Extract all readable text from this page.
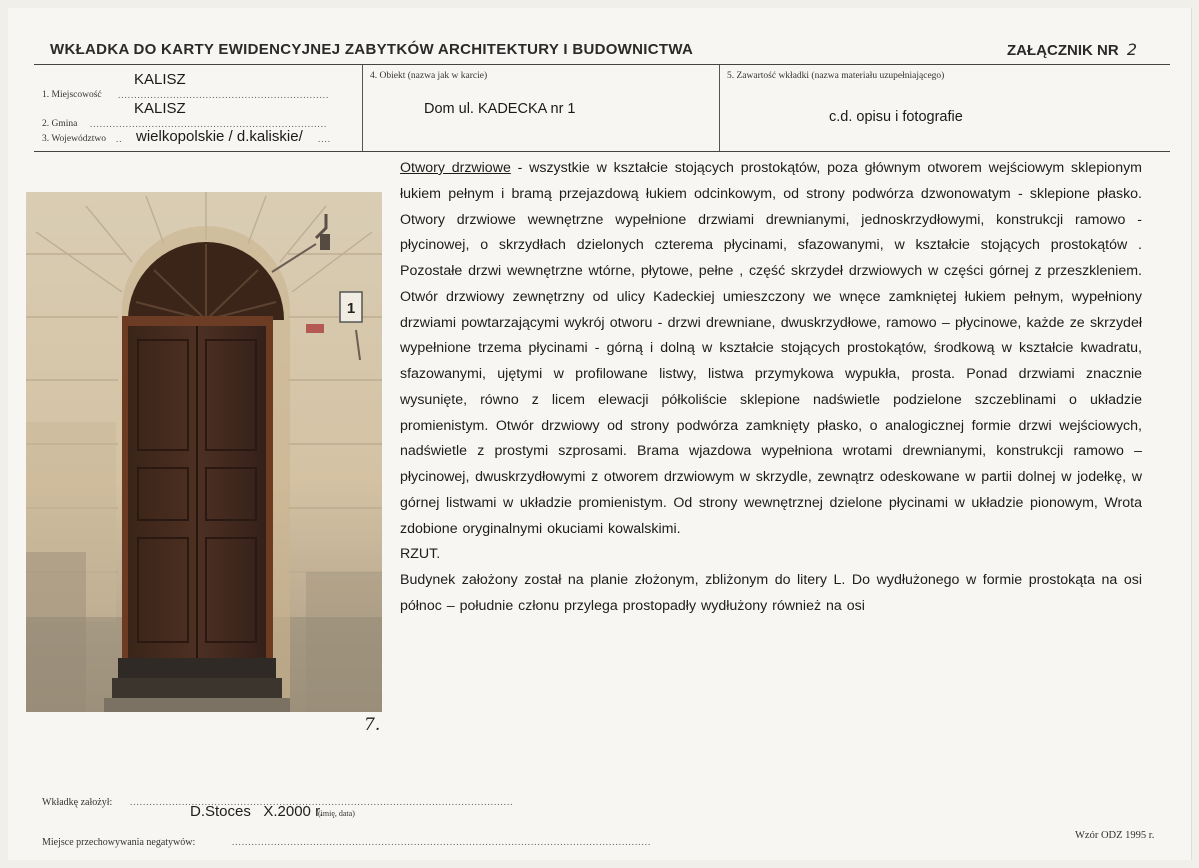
WKŁADKA DO KARTY EWIDENCYJNEJ ZABYTKÓW ARCHITEKTURY I BUDOWNICTWA	ZAŁĄCZNIK NR 2
KALISZ
1. Miejscowość .................................................................
KALISZ
2. Gmina .........................................................................
3. Województwo .. wielkopolskie / d.kaliskie/ ....
4. Obiekt (nazwa jak w karcie)
Dom ul. KADECKA nr 1
5. Zawartość wkładki (nazwa materiału uzupełniającego)
c.d. opisu i fotografie
1
7.

Otwory drzwiowe - wszystkie w kształcie stojących prostokątów, poza głównym otworem wejściowym sklepionym łukiem pełnym i bramą przejazdową łukiem odcinkowym, od strony podwórza dzwonowatym - sklepione płasko. Otwory drzwiowe wewnętrzne wypełnione drzwiami drewnianymi, jednoskrzydłowymi, konstrukcji ramowo - płycinowej, o skrzydłach dzielonych czterema płycinami, sfazowanymi, w kształcie stojących prostokątów . Pozostałe drzwi wewnętrzne wtórne, płytowe, pełne , część skrzydeł drzwiowych w części górnej z przeszkleniem. Otwór drzwiowy zewnętrzny od ulicy Kadeckiej umieszczony we wnęce zamkniętej łukiem pełnym, wypełniony drzwiami powtarzającymi wykrój otworu - drzwi drewniane, dwuskrzydłowe, ramowo – płycinowe, każde ze skrzydeł wypełnione trzema płycinami - górną i dolną w kształcie stojących prostokątów, środkową w kształcie kwadratu, sfazowanymi, ujętymi w profilowane listwy, listwa przymykowa wypukła, prosta. Ponad drzwiami znacznie wysunięte, równo z licem elewacji półkoliście sklepione nadświetle podzielone szczeblinami o układzie promienistym. Otwór drzwiowy od strony podwórza zamknięty płasko, o analogicznej formie drzwi wejściowych, nadświetle z prostymi szprosami. Brama wjazdowa wypełniona wrotami drewnianymi, konstrukcji ramowo – płycinowej, dwuskrzydłowymi z otworem drzwiowym w skrzydle, zewnątrz odeskowane w partii dolnej w jodełkę, w górnej listwami w układzie promienistym. Od strony wewnętrznej dzielone płycinami w układzie pionowym, Wrota zdobione oryginalnymi okuciami kowalskimi.

RZUT.

Budynek założony został na planie złożonym, zbliżonym do litery L. Do wydłużonego w formie prostokąta na osi północ – południe członu przylega prostopadły wydłużony również na osi

Wkładkę założył: ......................................................................................................................
D.Stoces   X.2000 r.
(imię, data)
Miejsce przechowywania negatywów:	.................................................................................................................................
Wzór ODZ 1995 r.
